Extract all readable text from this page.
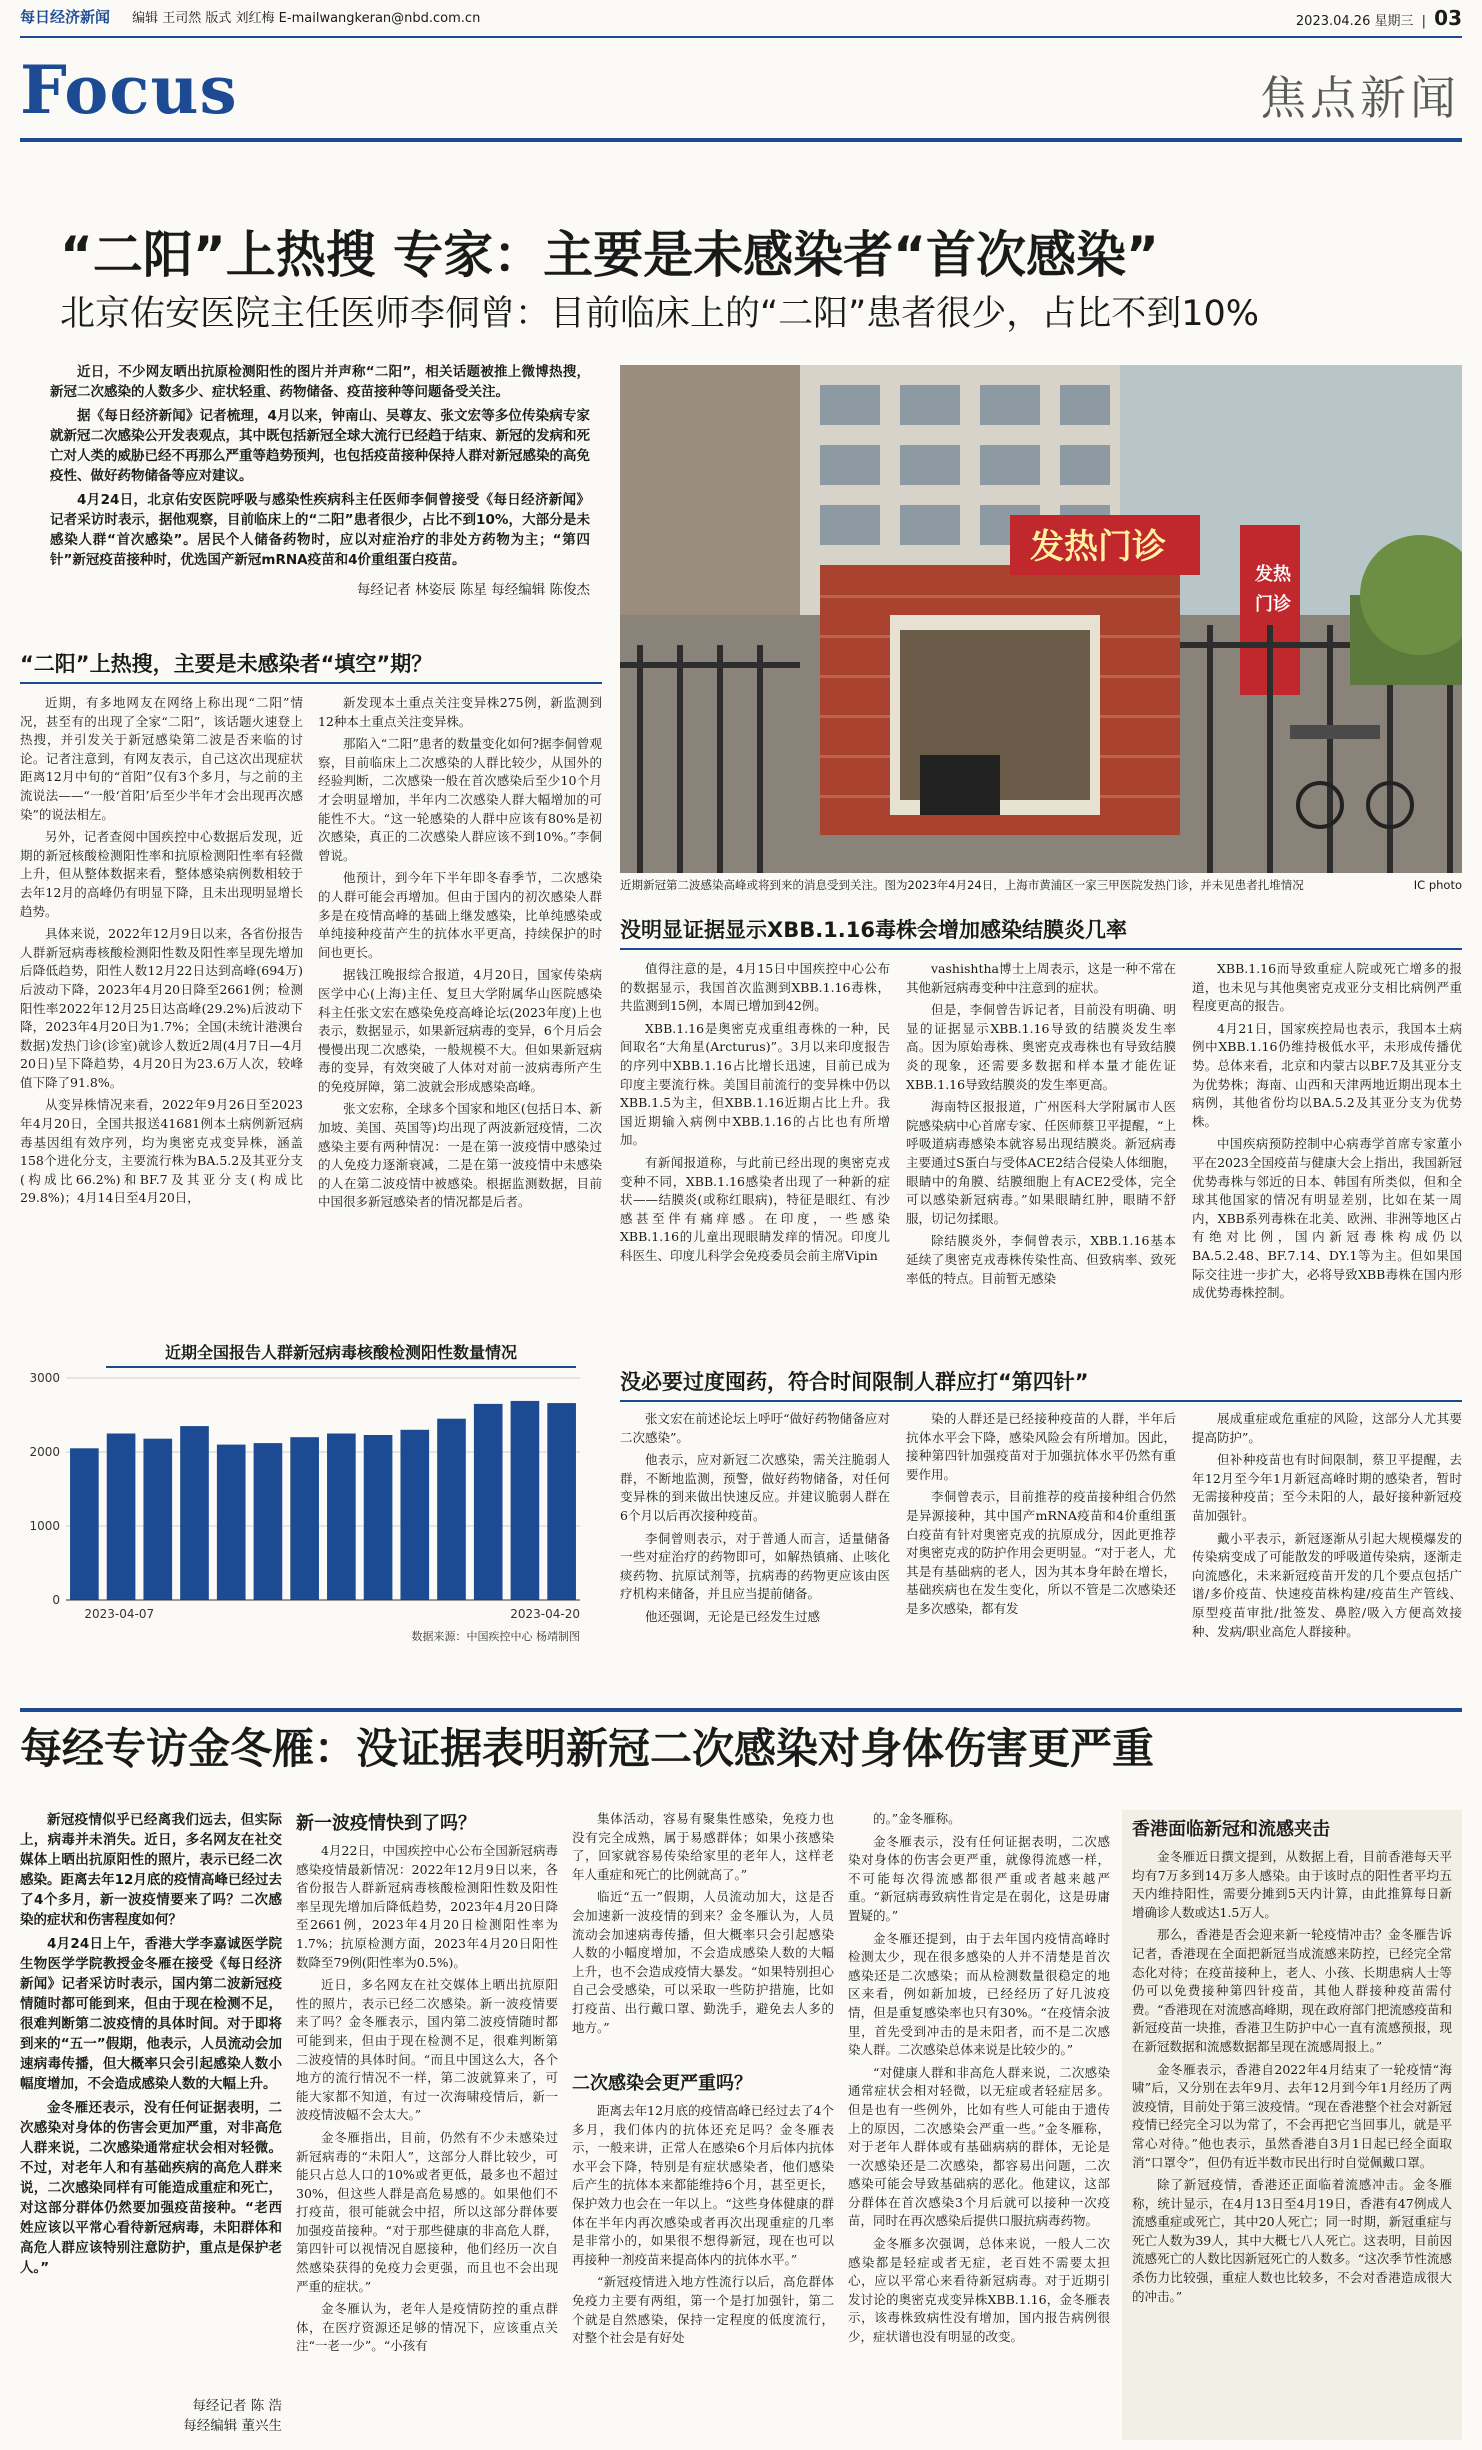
每日经济新闻 编辑 王司然 版式 刘红梅 E-mailwangkeran@nbd.com.cn	2023.04.26 星期三 | 03
Focus	焦点新闻
“二阳”上热搜 专家：主要是未感染者“首次感染”
北京佑安医院主任医师李侗曾：目前临床上的“二阳”患者很少，占比不到10%

近日，不少网友晒出抗原检测阳性的图片并声称“二阳”，相关话题被推上微博热搜，新冠二次感染的人数多少、症状轻重、药物储备、疫苗接种等问题备受关注。

据《每日经济新闻》记者梳理，4月以来，钟南山、吴尊友、张文宏等多位传染病专家就新冠二次感染公开发表观点，其中既包括新冠全球大流行已经趋于结束、新冠的发病和死亡对人类的威胁已经不再那么严重等趋势预判，也包括疫苗接种保持人群对新冠感染的高免疫性、做好药物储备等应对建议。

4月24日，北京佑安医院呼吸与感染性疾病科主任医师李侗曾接受《每日经济新闻》记者采访时表示，据他观察，目前临床上的“二阳”患者很少，占比不到10%，大部分是未感染人群“首次感染”。居民个人储备药物时，应以对症治疗的非处方药物为主；“第四针”新冠疫苗接种时，优选国产新冠mRNA疫苗和4价重组蛋白疫苗。

每经记者 林姿辰 陈星 每经编辑 陈俊杰
“二阳”上热搜，主要是未感染者“填空”期？

近期，有多地网友在网络上称出现“二阳”情况，甚至有的出现了全家“二阳”，该话题火速登上热搜，并引发关于新冠感染第二波是否来临的讨论。记者注意到，有网友表示，自己这次出现症状距离12月中旬的“首阳”仅有3个多月，与之前的主流说法——“一般‘首阳’后至少半年才会出现再次感染”的说法相左。

另外，记者查阅中国疾控中心数据后发现，近期的新冠核酸检测阳性率和抗原检测阳性率有轻微上升，但从整体数据来看，整体感染病例数相较于去年12月的高峰仍有明显下降，且未出现明显增长趋势。

具体来说，2022年12月9日以来，各省份报告人群新冠病毒核酸检测阳性数及阳性率呈现先增加后降低趋势，阳性人数12月22日达到高峰(694万)后波动下降，2023年4月20日降至2661例；检测阳性率2022年12月25日达高峰(29.2%)后波动下降，2023年4月20日为1.7%；全国(未统计港澳台数据)发热门诊(诊室)就诊人数近2周(4月7日—4月20日)呈下降趋势，4月20日为23.6万人次，较峰值下降了91.8%。

从变异株情况来看，2022年9月26日至2023年4月20日，全国共报送41681例本土病例新冠病毒基因组有效序列，均为奥密克戎变异株，涵盖158个进化分支，主要流行株为BA.5.2及其亚分支(构成比66.2%)和BF.7及其亚分支(构成比29.8%)；4月14日至4月20日，

新发现本土重点关注变异株275例，新监测到12种本土重点关注变异株。

那陷入“二阳”患者的数量变化如何?据李侗曾观察，目前临床上二次感染的人群比较少，从国外的经验判断，二次感染一般在首次感染后至少10个月才会明显增加，半年内二次感染人群大幅增加的可能性不大。“这一轮感染的人群中应该有80%是初次感染，真正的二次感染人群应该不到10%。”李侗曾说。

他预计，到今年下半年即冬春季节，二次感染的人群可能会再增加。但由于国内的初次感染人群多是在疫情高峰的基础上继发感染，比单纯感染或单纯接种疫苗产生的抗体水平更高，持续保护的时间也更长。

据钱江晚报综合报道，4月20日，国家传染病医学中心(上海)主任、复旦大学附属华山医院感染科主任张文宏在感染免疫高峰论坛(2023年度)上也表示，数据显示，如果新冠病毒的变异，6个月后会慢慢出现二次感染，一般规模不大。但如果新冠病毒的变异，有效突破了人体对对前一波病毒所产生的免疫屏障，第二波就会形成感染高峰。

张文宏称，全球多个国家和地区(包括日本、新加坡、美国、英国等)均出现了两波新冠疫情，二次感染主要有两种情况：一是在第一波疫情中感染过的人免疫力逐渐衰减，二是在第一波疫情中未感染的人在第二波疫情中被感染。根据监测数据，目前中国很多新冠感染者的情况都是后者。

近期全国报告人群新冠病毒核酸检测阳性数量情况
0
1000
2000
3000
2023-04-07	2023-04-20
数据来源：中国疾控中心 杨靖制图
发热门诊
发热
门诊
近期新冠第二波感染高峰或将到来的消息受到关注。图为2023年4月24日，上海市黄浦区一家三甲医院发热门诊，并未见患者扎堆情况	IC photo
没明显证据显示XBB.1.16毒株会增加感染结膜炎几率

值得注意的是，4月15日中国疾控中心公布的数据显示，我国首次监测到XBB.1.16毒株，共监测到15例，本周已增加到42例。

XBB.1.16是奥密克戎重组毒株的一种，民间取名“大角星(Arcturus)”。3月以来印度报告的序列中XBB.1.16占比增长迅速，目前已成为印度主要流行株。美国目前流行的变异株中仍以XBB.1.5为主，但XBB.1.16近期占比上升。我国近期输入病例中XBB.1.16的占比也有所增加。

有新闻报道称，与此前已经出现的奥密克戎变种不同，XBB.1.16感染者出现了一种新的症状——结膜炎(或称红眼病)，特征是眼红、有沙感甚至伴有痛痒感。在印度，一些感染XBB.1.16的儿童出现眼睛发痒的情况。印度儿科医生、印度儿科学会免疫委员会前主席Vipin

vashishtha博士上周表示，这是一种不常在其他新冠病毒变种中注意到的症状。

但是，李侗曾告诉记者，目前没有明确、明显的证据显示XBB.1.16导致的结膜炎发生率高。因为原始毒株、奥密克戎毒株也有导致结膜炎的现象，还需要多数据和样本量才能佐证XBB.1.16导致结膜炎的发生率更高。

海南特区报报道，广州医科大学附属市人医院感染病中心首席专家、任医师蔡卫平提醒，“上呼吸道病毒感染本就容易出现结膜炎。新冠病毒主要通过S蛋白与受体ACE2结合侵染人体细胞，眼睛中的角膜、结膜细胞上有ACE2受体，完全可以感染新冠病毒。”如果眼睛红肿，眼睛不舒服，切记勿揉眼。

除结膜炎外，李侗曾表示，XBB.1.16基本延续了奥密克戎毒株传染性高、但致病率、致死率低的特点。目前暂无感染

XBB.1.16而导致重症人院或死亡增多的报道，也未见与其他奥密克戎亚分支相比病例严重程度更高的报告。

4月21日，国家疾控局也表示，我国本土病例中XBB.1.16仍维持极低水平，未形成传播优势。总体来看，北京和内蒙古以BF.7及其亚分支为优势株；海南、山西和天津两地近期出现本土病例，其他省份均以BA.5.2及其亚分支为优势株。

中国疾病预防控制中心病毒学首席专家董小平在2023全国疫苗与健康大会上指出，我国新冠优势毒株与邻近的日本、韩国有所类似，但和全球其他国家的情况有明显差别，比如在某一周内，XBB系列毒株在北美、欧洲、非洲等地区占有绝对比例，国内新冠毒株构成仍以BA.5.2.48、BF.7.14、DY.1等为主。但如果国际交往进一步扩大，必将导致XBB毒株在国内形成优势毒株控制。

没必要过度囤药，符合时间限制人群应打“第四针”

张文宏在前述论坛上呼吁“做好药物储备应对二次感染”。

他表示，应对新冠二次感染，需关注脆弱人群，不断地监测，预警，做好药物储备，对任何变异株的到来做出快速反应。并建议脆弱人群在6个月以后再次接种疫苗。

李侗曾则表示，对于普通人而言，适量储备一些对症治疗的药物即可，如解热镇痛、止咳化痰药物、抗原试剂等，抗病毒的药物更应该由医疗机构来储备，并且应当提前储备。

他还强调，无论是已经发生过感

染的人群还是已经接种疫苗的人群，半年后抗体水平会下降，感染风险会有所增加。因此，接种第四针加强疫苗对于加强抗体水平仍然有重要作用。

李侗曾表示，目前推荐的疫苗接种组合仍然是异源接种，其中国产mRNA疫苗和4价重组蛋白疫苗有针对奥密克戎的抗原成分，因此更推荐对奥密克戎的防护作用会更明显。“对于老人，尤其是有基础病的老人，因为其本身年龄在增长，基础疾病也在发生变化，所以不管是二次感染还是多次感染，都有发

展成重症或危重症的风险，这部分人尤其要提高防护”。

但补种疫苗也有时间限制，蔡卫平提醒，去年12月至今年1月新冠高峰时期的感染者，暂时无需接种疫苗；至今未阳的人，最好接种新冠疫苗加强针。

戴小平表示，新冠逐渐从引起大规模爆发的传染病变成了可能散发的呼吸道传染病，逐渐走向流感化，未来新冠疫苗开发的几个要点包括广谱/多价疫苗、快速疫苗株构建/疫苗生产管线、原型疫苗审批/批签发、鼻腔/吸入方便高效接种、发病/职业高危人群接种。

每经专访金冬雁：没证据表明新冠二次感染对身体伤害更严重

新冠疫情似乎已经离我们远去，但实际上，病毒并未消失。近日，多名网友在社交媒体上晒出抗原阳性的照片，表示已经二次感染。距离去年12月底的疫情高峰已经过去了4个多月，新一波疫情要来了吗？二次感染的症状和伤害程度如何？

4月24日上午，香港大学李嘉诚医学院生物医学学院教授金冬雁在接受《每日经济新闻》记者采访时表示，国内第二波新冠疫情随时都可能到来，但由于现在检测不足，很难判断第二波疫情的具体时间。对于即将到来的“五一”假期，他表示，人员流动会加速病毒传播，但大概率只会引起感染人数小幅度增加，不会造成感染人数的大幅上升。

金冬雁还表示，没有任何证据表明，二次感染对身体的伤害会更加严重，对非高危人群来说，二次感染通常症状会相对轻微。不过，对老年人和有基础疾病的高危人群来说，二次感染同样有可能造成重症和死亡，对这部分群体仍然要加强疫苗接种。“老西姓应该以平常心看待新冠病毒，未阳群体和高危人群应该特别注意防护，重点是保护老人。”

每经记者 陈 浩
每经编辑 董兴生
新一波疫情快到了吗？

4月22日，中国疾控中心公布全国新冠病毒感染疫情最新情况：2022年12月9日以来，各省份报告人群新冠病毒核酸检测阳性数及阳性率呈现先增加后降低趋势，2023年4月20日降至2661例，2023年4月20日检测阳性率为1.7%；抗原检测方面，2023年4月20日阳性数降至79例(阳性率为0.5%)。

近日，多名网友在社交媒体上晒出抗原阳性的照片，表示已经二次感染。新一波疫情要来了吗？金冬雁表示，国内第二波疫情随时都可能到来，但由于现在检测不足，很难判断第二波疫情的具体时间。“而且中国这么大，各个地方的流行情况不一样，第二波就算来了，可能大家都不知道，有过一次海啸疫情后，新一波疫情波幅不会太大。”

金冬雁指出，目前，仍然有不少未感染过新冠病毒的“未阳人”，这部分人群比较少，可能只占总人口的10%或者更低，最多也不超过30%，但这些人群是高危易感的。如果他们不打疫苗，很可能就会中招，所以这部分群体要加强疫苗接种。“对于那些健康的非高危人群，第四针可以视情况自愿接种，他们经历一次自然感染获得的免疫力会更强，而且也不会出现严重的症状。”

金冬雁认为，老年人是疫情防控的重点群体，在医疗资源还足够的情况下，应该重点关注“一老一少”。“小孩有

集体活动，容易有聚集性感染，免疫力也没有完全成熟，属于易感群体；如果小孩感染了，回家就容易传染给家里的老年人，这样老年人重症和死亡的比例就高了。”

临近“五一”假期，人员流动加大，这是否会加速新一波疫情的到来？金冬雁认为，人员流动会加速病毒传播，但大概率只会引起感染人数的小幅度增加，不会造成感染人数的大幅上升，也不会造成疫情大暴发。“如果特别担心自己会受感染，可以采取一些防护措施，比如打疫苗、出行戴口罩、勤洗手，避免去人多的地方。”

二次感染会更严重吗？

距离去年12月底的疫情高峰已经过去了4个多月，我们体内的抗体还充足吗？金冬雁表示，一般来讲，正常人在感染6个月后体内抗体水平会下降，特别是有症状感染者，他们感染后产生的抗体本来都能维持6个月，甚至更长，保护效力也会在一年以上。“这些身体健康的群体在半年内再次感染或者再次出现重症的几率是非常小的，如果很不想得新冠，现在也可以再接种一剂疫苗来提高体内的抗体水平。”

“新冠疫情进入地方性流行以后，高危群体免疫力主要有两组，第一个是打加强针，第二个就是自然感染，保持一定程度的低度流行，对整个社会是有好处

的。”金冬雁称。

金冬雁表示，没有任何证据表明，二次感染对身体的伤害会更严重，就像得流感一样，不可能每次得流感都很严重或者越来越严重。“新冠病毒致病性肯定是在弱化，这是毋庸置疑的。”

金冬雁还提到，由于去年国内疫情高峰时检测太少，现在很多感染的人并不清楚是首次感染还是二次感染；而从检测数量很稳定的地区来看，例如新加坡，已经经历了好几波疫情，但是重复感染率也只有30%。“在疫情余波里，首先受到冲击的是未阳者，而不是二次感染人群。二次感染总体来说是比较少的。”

“对健康人群和非高危人群来说，二次感染通常症状会相对轻微，以无症或者轻症居多。但是也有一些例外，比如有些人可能由于遗传上的原因，二次感染会严重一些。”金冬雁称，对于老年人群体或有基础病病的群体，无论是一次感染还是二次感染，都容易出问题，二次感染可能会导致基础病的恶化。他建议，这部分群体在首次感染3个月后就可以接种一次疫苗，同时在再次感染后提供口服抗病毒药物。

金冬雁多次强调，总体来说，一般人二次感染都是轻症或者无症，老百姓不需要太担心，应以平常心来看待新冠病毒。对于近期引发讨论的奥密克戎变异株XBB.1.16，金冬雁表示，该毒株致病性没有增加，国内报告病例很少，症状谱也没有明显的改变。

香港面临新冠和流感夹击

金冬雁近日撰文提到，从数据上看，目前香港每天平均有7万多到14万多人感染。由于该时点的阳性者平均五天内维持阳性，需要分摊到5天内计算，由此推算每日新增确诊人数或达1.5万人。

那么，香港是否会迎来新一轮疫情冲击？金冬雁告诉记者，香港现在全面把新冠当成流感来防控，已经完全常态化对待；在疫苗接种上，老人、小孩、长期患病人士等仍可以免费接种第四针疫苗，其他人群接种疫苗需付费。“香港现在对流感高峰期，现在政府部门把流感疫苗和新冠疫苗一块推，香港卫生防护中心一直有流感预报，现在新冠数据和流感数据都呈现在流感周报上。”

金冬雁表示，香港自2022年4月结束了一轮疫情“海啸”后，又分别在去年9月、去年12月到今年1月经历了两波疫情，目前处于第三波疫情。“现在香港整个社会对新冠疫情已经完全习以为常了，不会再把它当回事儿，就是平常心对待。”他也表示，虽然香港自3月1日起已经全面取消“口罩令”，但仍有近半数市民出行时自觉佩戴口罩。

除了新冠疫情，香港还正面临着流感冲击。金冬雁称，统计显示，在4月13日至4月19日，香港有47例成人流感重症或死亡，其中20人死亡；同一时期，新冠重症与死亡人数为39人，其中大概七八人死亡。这表明，目前因流感死亡的人数比因新冠死亡的人数多。“这次季节性流感杀伤力比较强，重症人数也比较多，不会对香港造成很大的冲击。”
